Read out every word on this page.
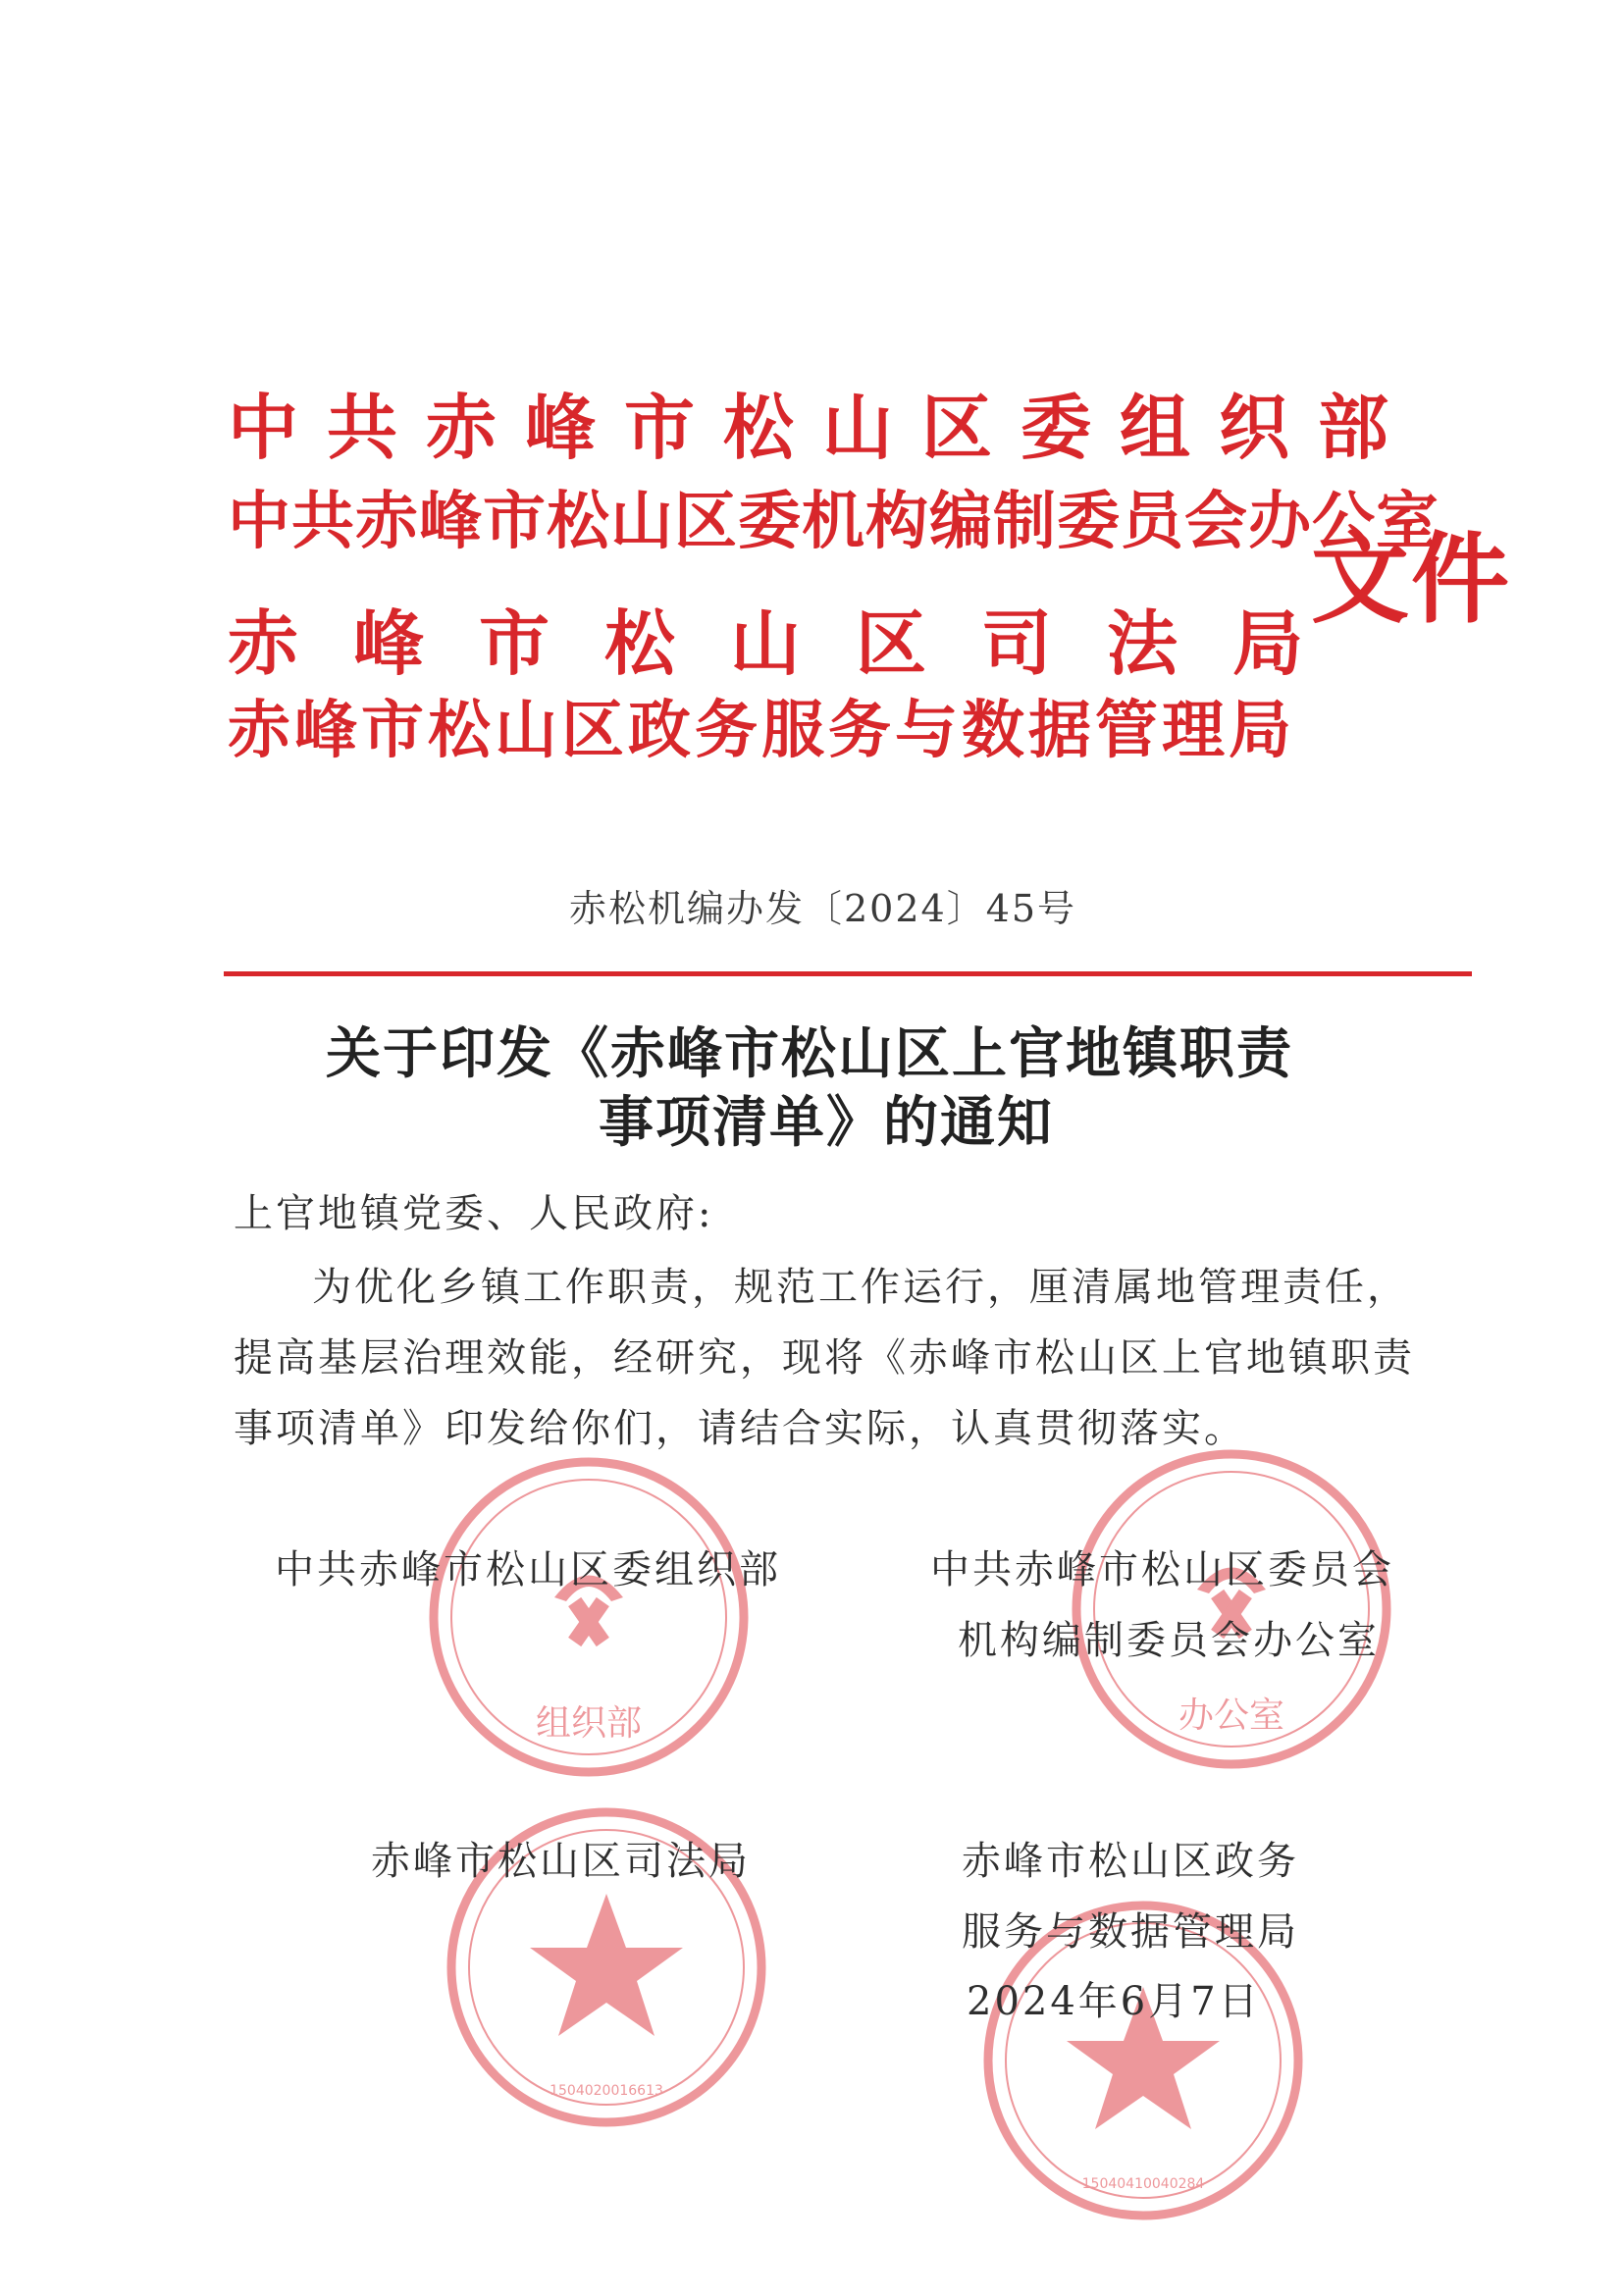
中共赤峰市松山区委组织部
中共赤峰市松山区委机构编制委员会办公室
赤峰市松山区司法局
赤峰市松山区政务服务与数据管理局
文件
赤松机编办发〔2024〕45号
关于印发《赤峰市松山区上官地镇职责
事项清单》的通知
上官地镇党委、人民政府:
为优化乡镇工作职责，规范工作运行，厘清属地管理责任，
提高基层治理效能，经研究，现将《赤峰市松山区上官地镇职责
事项清单》印发给你们，请结合实际，认真贯彻落实。
组织部	办公室
1504020016613
1504041004028​4
中共赤峰市松山区委组织部	中共赤峰市松山区委员会
机构编制委员会办公室
赤峰市松山区司法局	赤峰市松山区政务
服务与数据管理局
2024年6月7日
